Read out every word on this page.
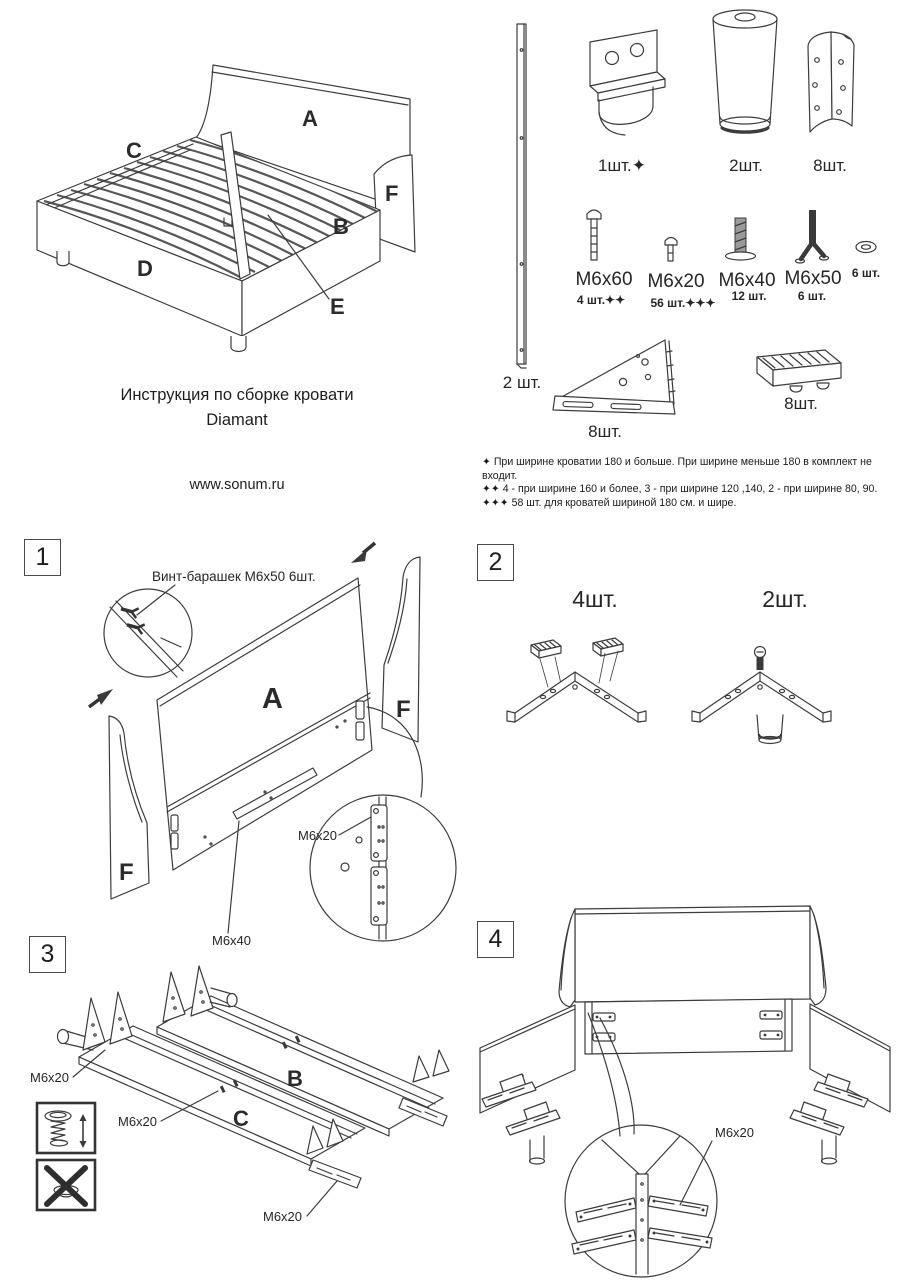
A
C
F
B
D
E
Инструкция по сборке кровати
Diamant
www.sonum.ru
2 шт.
1шт.✦	2шт.	8шт.
М6х60 М6х20 М6х40 М6х50
4 шт.✦✦ 56 шт.✦✦✦ 12 шт.	6 шт.
6 шт.
8шт.
8шт.

✦ При ширине кроватии 180 и больше. При ширине меньше 180 в комплект не входит.

✦✦ 4 - при ширине 160 и более, 3 - при ширине 120 ,140, 2 - при ширине 80, 90.

✦✦✦ 58 шт. для кроватей шириной 180 см. и шире.

1	2
3
4
Винт-барашек М6х50 6шт.
F
F
A
M6x20
M6x40
4шт.	2шт.
M6x20
M6x20
M6x20
B
C
M6x20
